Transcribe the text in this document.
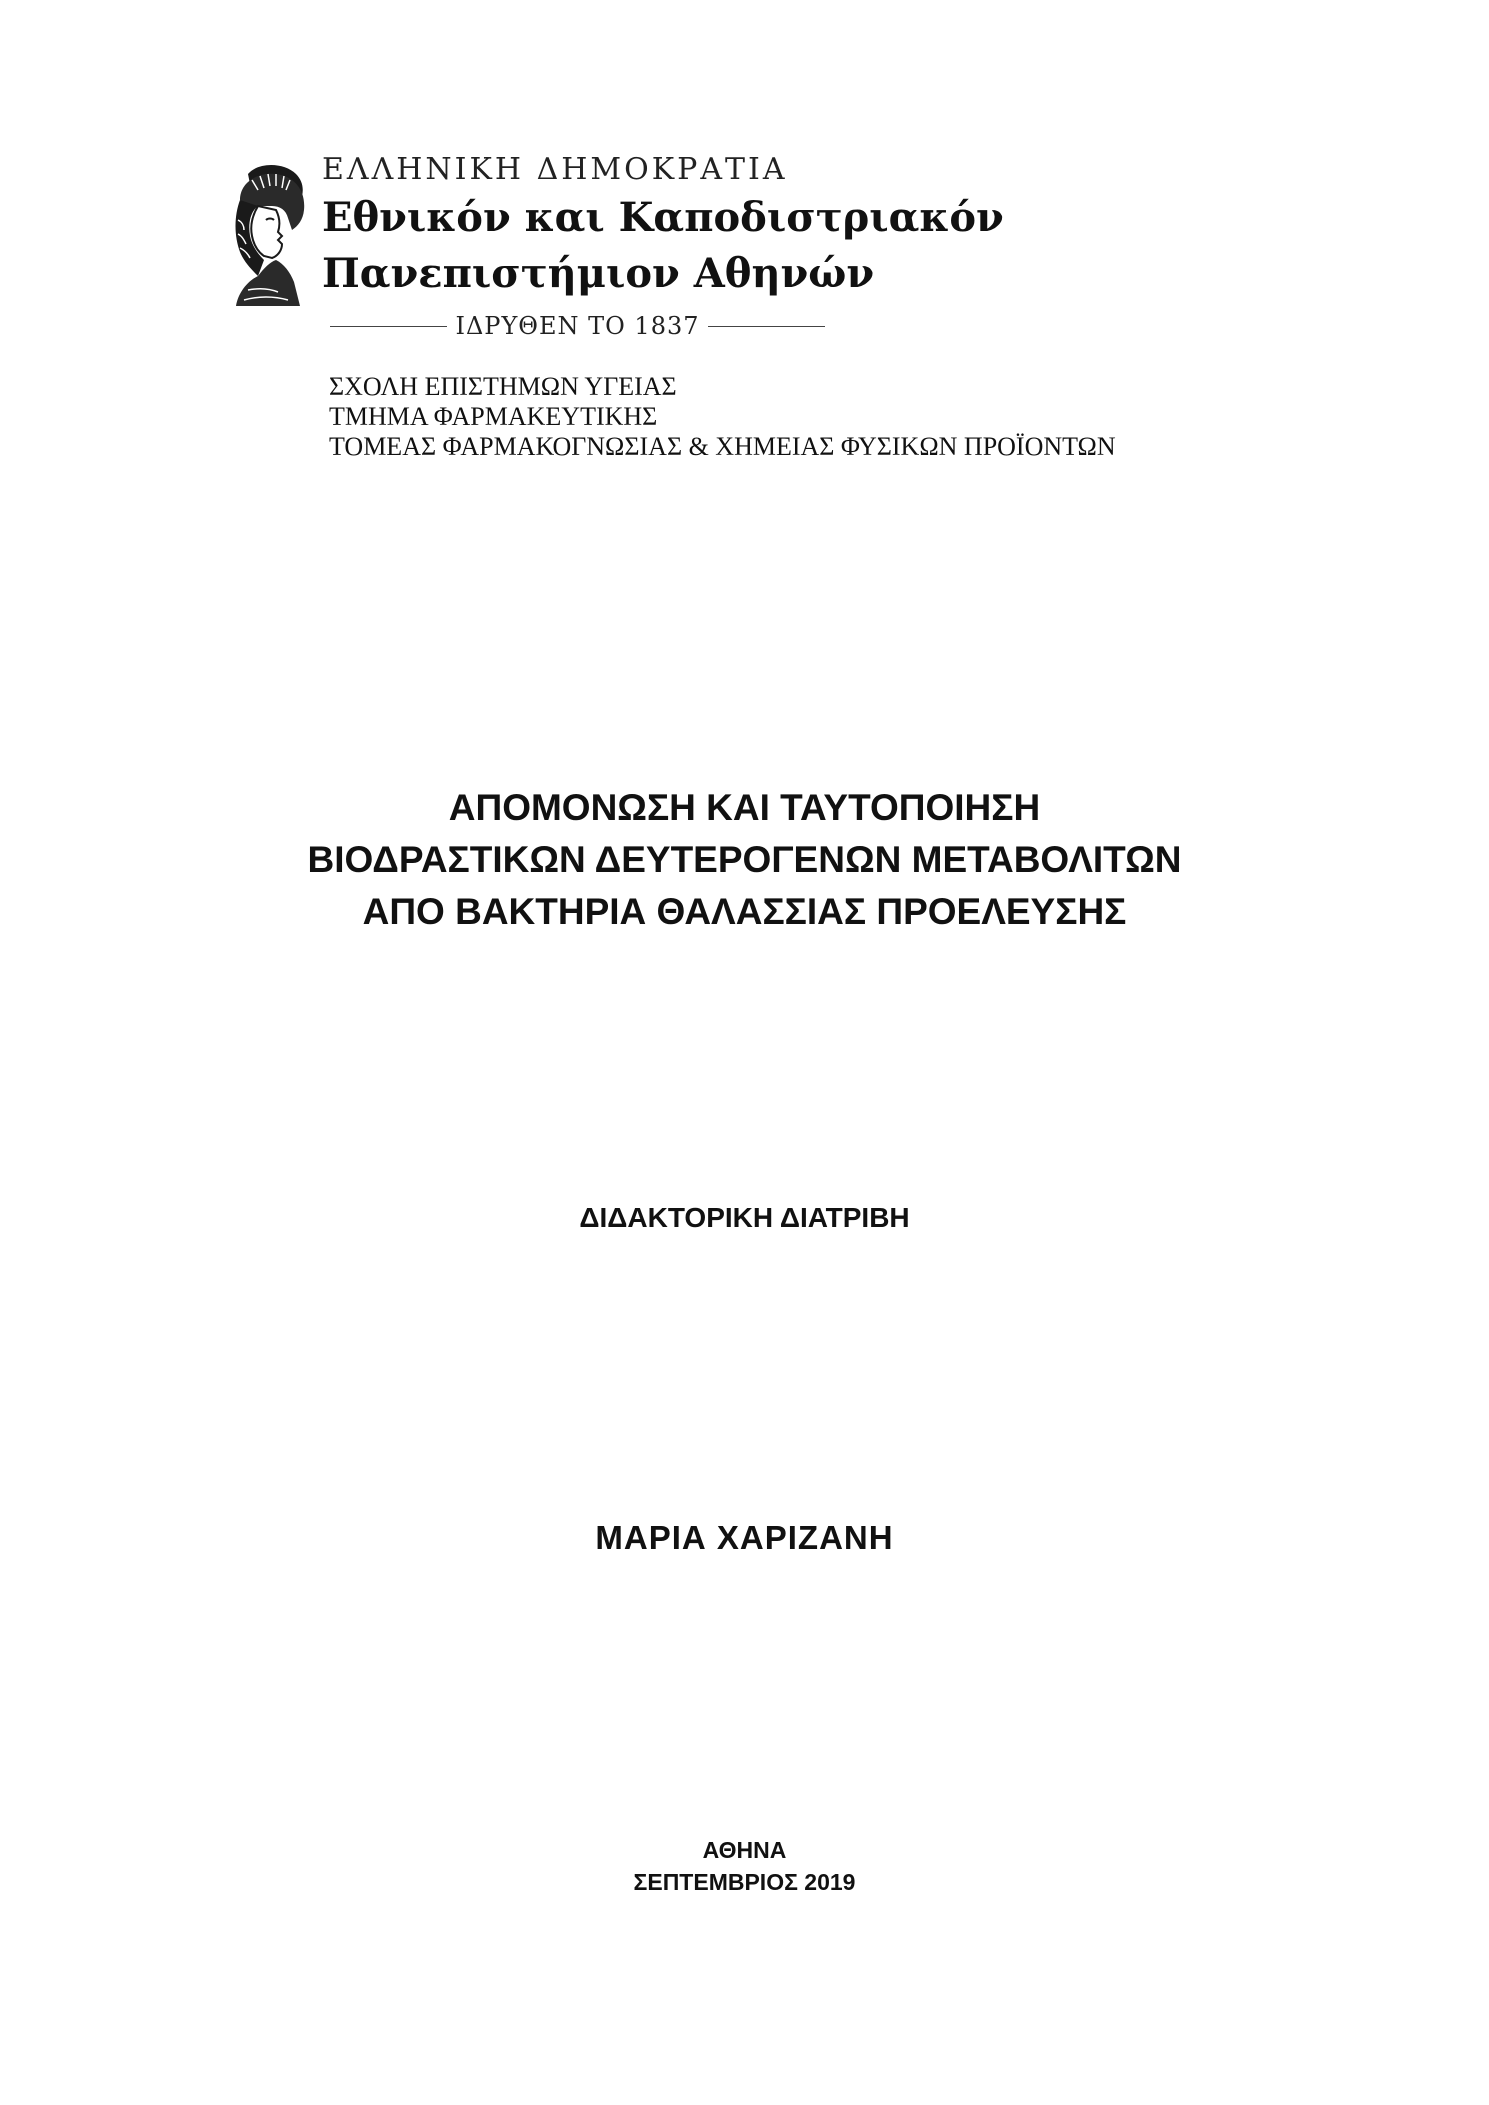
ΕΛΛΗΝΙΚΗ ΔΗΜΟΚΡΑΤΙΑ
Εθνικόν και Καποδιστριακόν
Πανεπιστήμιον Αθηνών
ΙΔΡΥΘΕΝ ΤΟ 1837
ΣΧΟΛΗ ΕΠΙΣΤΗΜΩΝ ΥΓΕΙΑΣ
ΤΜΗΜΑ ΦΑΡΜΑΚΕΥΤΙΚΗΣ
ΤΟΜΕΑΣ ΦΑΡΜΑΚΟΓΝΩΣΙΑΣ & ΧΗΜΕΙΑΣ ΦΥΣΙΚΩΝ ΠΡΟΪΟΝΤΩΝ
ΑΠΟΜΟΝΩΣΗ ΚΑΙ ΤΑΥΤΟΠΟΙΗΣΗ
ΒΙΟΔΡΑΣΤΙΚΩΝ ΔΕΥΤΕΡΟΓΕΝΩΝ ΜΕΤΑΒΟΛΙΤΩΝ
ΑΠΟ ΒΑΚΤΗΡΙΑ ΘΑΛΑΣΣΙΑΣ ΠΡΟΕΛΕΥΣΗΣ
ΔΙΔΑΚΤΟΡΙΚΗ ΔΙΑΤΡΙΒΗ
ΜΑΡΙΑ ΧΑΡΙΖΑΝΗ
ΑΘΗΝΑ
ΣΕΠΤΕΜΒΡΙΟΣ 2019
